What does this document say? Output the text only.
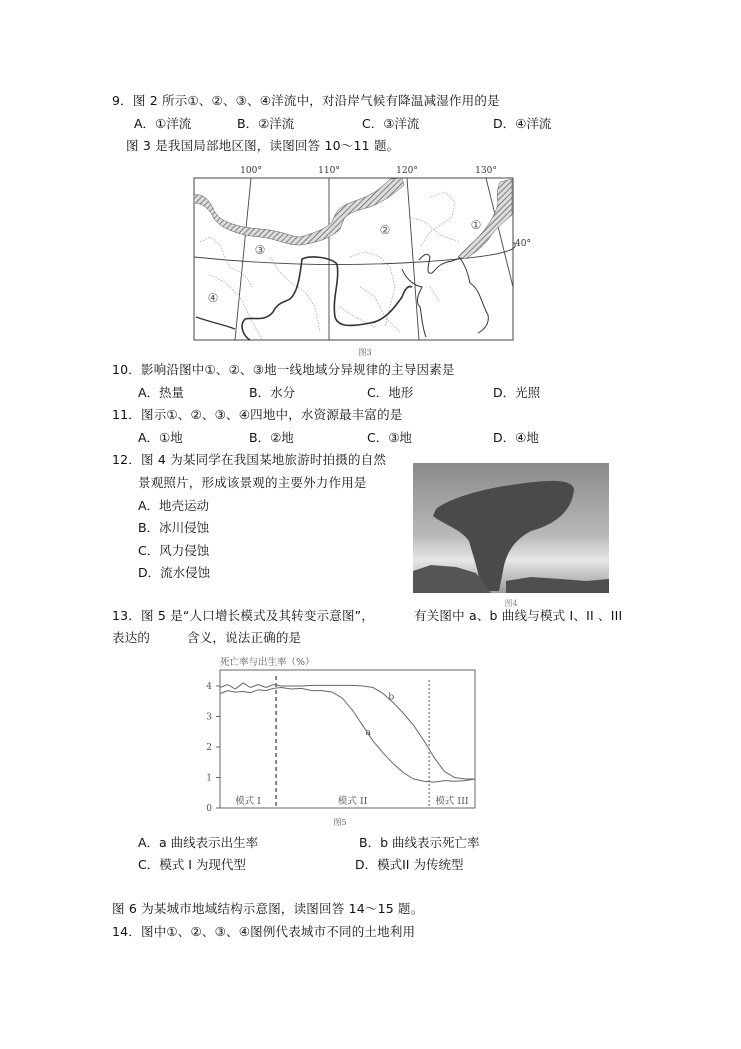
9．图 2 所示①、②、③、④洋流中，对沿岸气候有降温减湿作用的是
A．①洋流	B．②洋流	C．③洋流	D．④洋流
图 3 是我国局部地区图，读图回答 10～11 题。
100°	110°	120°	130°
40°
①
②
③
④
图3
10．影响沿图中①、②、③地一线地域分异规律的主导因素是
A．热量	B．水分	C．地形	D．光照
11．图示①、②、③、④四地中，水资源最丰富的是
A．①地	B．②地	C．③地	D．④地
12．图 4 为某同学在我国某地旅游时拍摄的自然
景观照片，形成该景观的主要外力作用是
A．地壳运动
B．冰川侵蚀
C．风力侵蚀
D．流水侵蚀
图4
13．图 5 是“人口增长模式及其转变示意图”，	有关图中 a、b 曲线与模式 I、II 、III
表达的	含义，说法正确的是
死亡率与出生率（%）
0
1
2
3
4
模式 I	模式 II	模式 III
a
b
图5
A．a 曲线表示出生率	B．b 曲线表示死亡率
C．模式 I 为现代型	D．模式II 为传统型
图 6 为某城市地域结构示意图，读图回答 14～15 题。
14．图中①、②、③、④图例代表城市不同的土地利用
